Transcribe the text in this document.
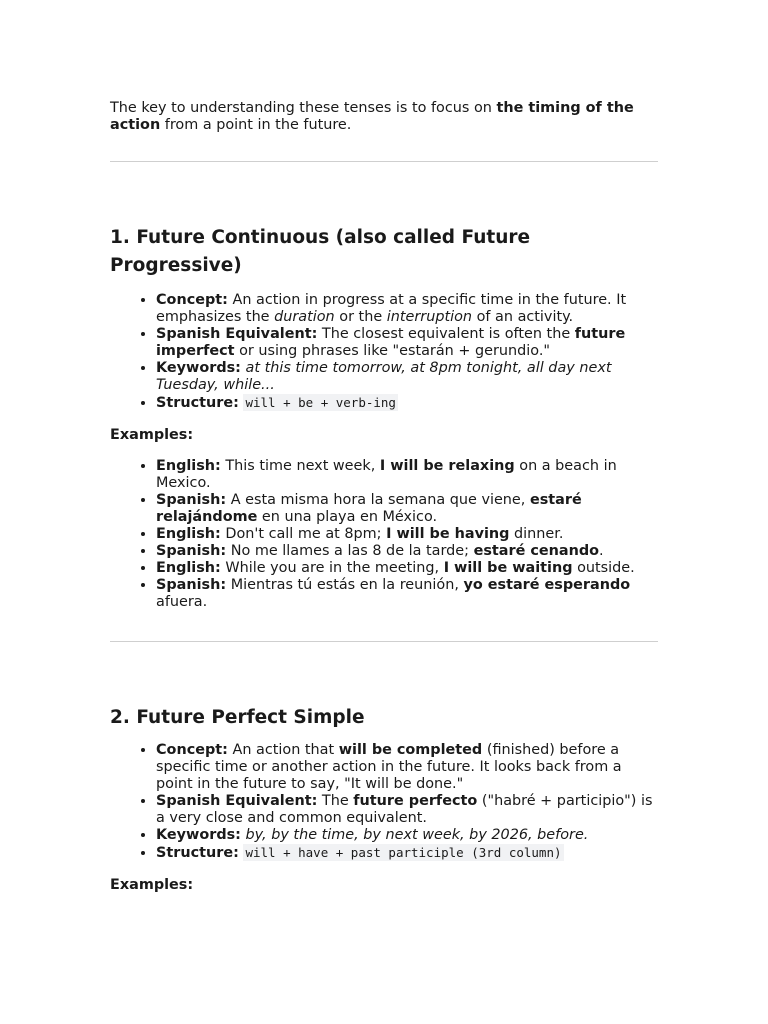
The key to understanding these tenses is to focus on the timing of the action from a point in the future.

1. Future Continuous (also called Future Progressive)
• Concept: An action in progress at a specific time in the future. It emphasizes the duration or the interruption of an activity.
• Spanish Equivalent: The closest equivalent is often the future imperfect or using phrases like "estarán + gerundio."
• Keywords: at this time tomorrow, at 8pm tonight, all day next Tuesday, while...
• Structure: will + be + verb-ing

Examples:

• English: This time next week, I will be relaxing on a beach in Mexico.
• Spanish: A esta misma hora la semana que viene, estaré relajándome en una playa en México.
• English: Don't call me at 8pm; I will be having dinner.
• Spanish: No me llames a las 8 de la tarde; estaré cenando.
• English: While you are in the meeting, I will be waiting outside.
• Spanish: Mientras tú estás en la reunión, yo estaré esperando afuera.
2. Future Perfect Simple
• Concept: An action that will be completed (finished) before a specific time or another action in the future. It looks back from a point in the future to say, "It will be done."
• Spanish Equivalent: The future perfecto ("habré + participio") is a very close and common equivalent.
• Keywords: by, by the time, by next week, by 2026, before.
• Structure: will + have + past participle (3rd column)

Examples:
